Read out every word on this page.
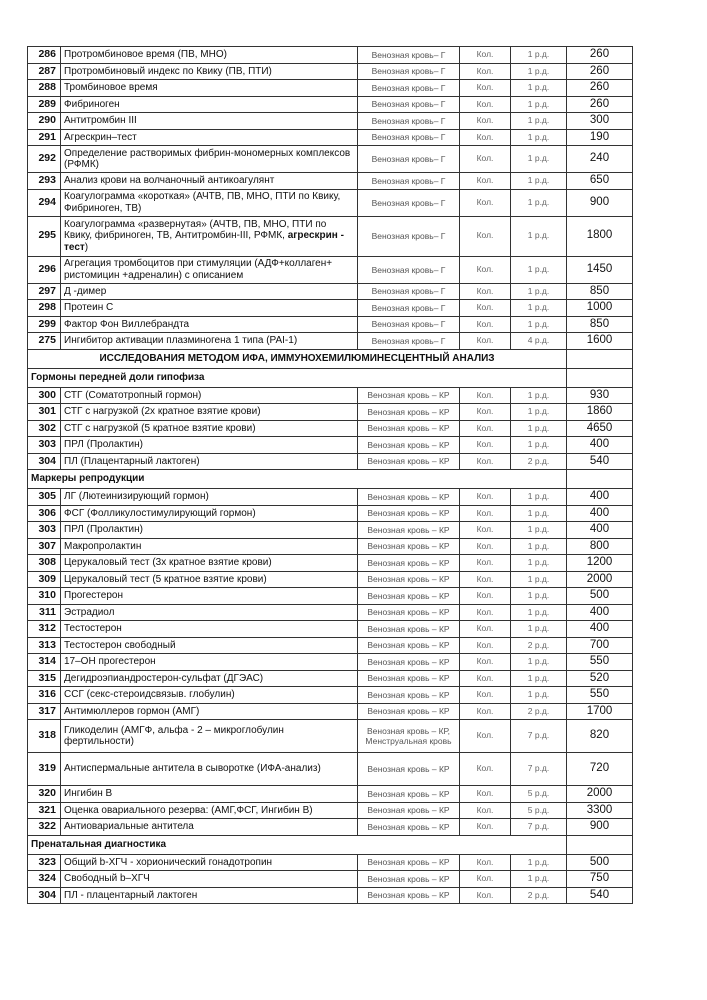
286	Протромбиновое время (ПВ, МНО)	Венозная кровь– Г	Кол.	1 р.д.	260
287	Протромбиновый индекс по Квику (ПВ, ПТИ)	Венозная кровь– Г	Кол.	1 р.д.	260
288	Тромбиновое время	Венозная кровь– Г	Кол.	1 р.д.	260
289	Фибриноген	Венозная кровь– Г	Кол.	1 р.д.	260
290	Антитромбин III	Венозная кровь– Г	Кол.	1 р.д.	300
291	Агрескрин–тест	Венозная кровь– Г	Кол.	1 р.д.	190
292	Определение растворимых фибрин-мономерных комплексов (РФМК)	Венозная кровь– Г	Кол.	1 р.д.	240
293	Анализ крови на волчаночный антикоагулянт	Венозная кровь– Г	Кол.	1 р.д.	650
294	Коагулограмма «короткая» (АЧТВ, ПВ, МНО, ПТИ по Квику, Фибриноген, ТВ)	Венозная кровь– Г	Кол.	1 р.д.	900
295	Коагулограмма «развернутая» (АЧТВ, ПВ, МНО, ПТИ по Квику, фибриноген, ТВ, Антитромбин-III, РФМК, агрескрин - тест)	Венозная кровь– Г	Кол.	1 р.д.	1800
296	Агрегация тромбоцитов при стимуляции (АДФ+коллаген+ ристомицин +адреналин) с описанием	Венозная кровь– Г	Кол.	1 р.д.	1450
297	Д -димер	Венозная кровь– Г	Кол.	1 р.д.	850
298	Протеин С	Венозная кровь– Г	Кол.	1 р.д.	1000
299	Фактор Фон Виллебрандта	Венозная кровь– Г	Кол.	1 р.д.	850
275	Ингибитор активации плазминогена 1 типа (PAI-1)	Венозная кровь– Г	Кол.	4 р.д.	1600
ИССЛЕДОВАНИЯ МЕТОДОМ ИФА, ИММУНОХЕМИЛЮМИНЕСЦЕНТНЫЙ АНАЛИЗ					
Гормоны передней доли гипофиза					
300	СТГ (Соматотропный гормон)	Венозная кровь – КР	Кол.	1 р.д.	930
301	СТГ с нагрузкой (2х кратное взятие крови)	Венозная кровь – КР	Кол.	1 р.д.	1860
302	СТГ с нагрузкой (5 кратное взятие крови)	Венозная кровь – КР	Кол.	1 р.д.	4650
303	ПРЛ (Пролактин)	Венозная кровь – КР	Кол.	1 р.д.	400
304	ПЛ (Плацентарный лактоген)	Венозная кровь – КР	Кол.	2 р.д.	540
Маркеры репродукции					
305	ЛГ (Лютеинизирующий гормон)	Венозная кровь – КР	Кол.	1 р.д.	400
306	ФСГ (Фолликулостимулирующий гормон)	Венозная кровь – КР	Кол.	1 р.д.	400
303	ПРЛ (Пролактин)	Венозная кровь – КР	Кол.	1 р.д.	400
307	Макропролактин	Венозная кровь – КР	Кол.	1 р.д.	800
308	Церукаловый тест (3х кратное взятие крови)	Венозная кровь – КР	Кол.	1 р.д.	1200
309	Церукаловый тест (5 кратное взятие крови)	Венозная кровь – КР	Кол.	1 р.д.	2000
310	Прогестерон	Венозная кровь – КР	Кол.	1 р.д.	500
311	Эстрадиол	Венозная кровь – КР	Кол.	1 р.д.	400
312	Тестостерон	Венозная кровь – КР	Кол.	1 р.д.	400
313	Тестостерон свободный	Венозная кровь – КР	Кол.	2 р.д.	700
314	17–ОН прогестерон	Венозная кровь – КР	Кол.	1 р.д.	550
315	Дегидроэпиандростерон-сульфат (ДГЭАС)	Венозная кровь – КР	Кол.	1 р.д.	520
316	ССГ (секс-стероидсвязыв. глобулин)	Венозная кровь – КР	Кол.	1 р.д.	550
317	Антимюллеров гормон (АМГ)	Венозная кровь – КР	Кол.	2 р.д.	1700
318	Гликоделин (АМГФ, альфа - 2 – микроглобулин фертильности)	Венозная кровь – КР, Менструальная кровь	Кол.	7 р.д.	820
319	Антиспермальные антитела в сыворотке (ИФА-анализ)	Венозная кровь – КР	Кол.	7 р.д.	720
320	Ингибин В	Венозная кровь – КР	Кол.	5 р.д.	2000
321	Оценка овариального резерва: (АМГ,ФСГ, Ингибин В)	Венозная кровь – КР	Кол.	5 р.д.	3300
322	Антиовариальные антитела	Венозная кровь – КР	Кол.	7 р.д.	900
Пренатальная диагностика					
323	Общий b-ХГЧ - хорионический гонадотропин	Венозная кровь – КР	Кол.	1 р.д.	500
324	Свободный b–ХГЧ	Венозная кровь – КР	Кол.	1 р.д.	750
304	ПЛ - плацентарный лактоген	Венозная кровь – КР	Кол.	2 р.д.	540
